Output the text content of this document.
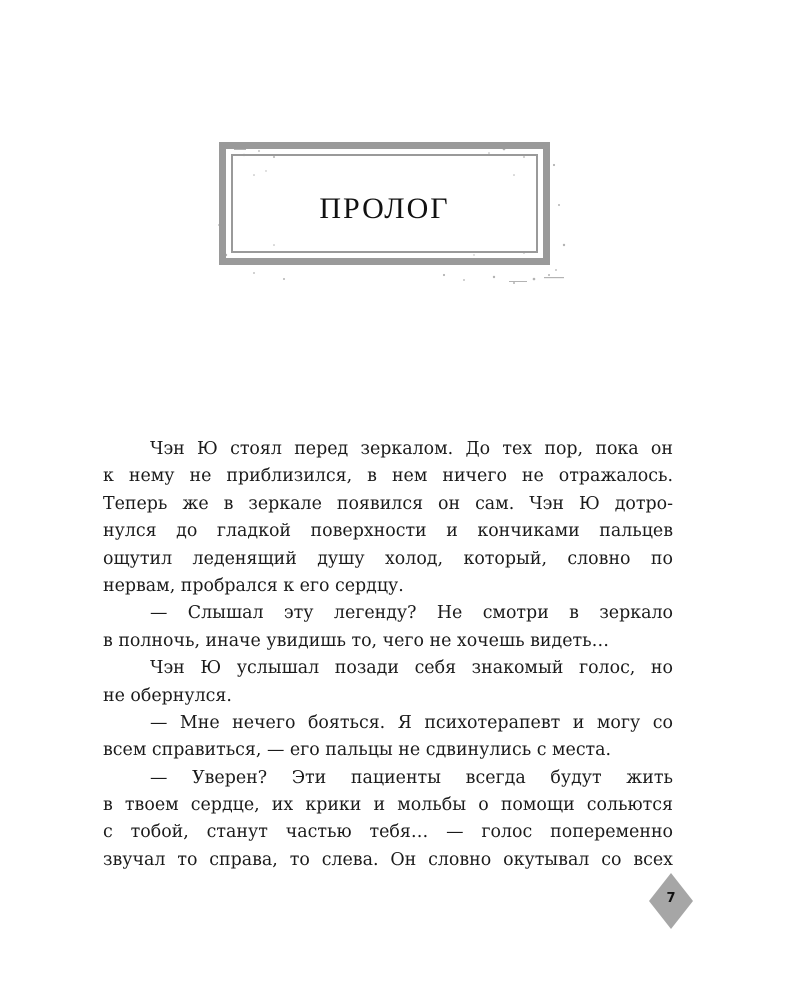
ПРОЛОГ
Чэн Ю стоял перед зеркалом. До тех пор, пока он
к нему не приблизился, в нем ничего не отражалось.
Теперь же в зеркале появился он сам. Чэн Ю дотро-
нулся до гладкой поверхности и кончиками пальцев
ощутил леденящий душу холод, который, словно по
нервам, пробрался к его сердцу.
— Слышал эту легенду? Не смотри в зеркало
в полночь, иначе увидишь то, чего не хочешь видеть…
Чэн Ю услышал позади себя знакомый голос, но
не обернулся.
— Мне нечего бояться. Я психотерапевт и могу со
всем справиться, — его пальцы не сдвинулись с места.
— Уверен? Эти пациенты всегда будут жить
в твоем сердце, их крики и мольбы о помощи сольются
с тобой, станут частью тебя… — голос попеременно
звучал то справа, то слева. Он словно окутывал со всех
7
